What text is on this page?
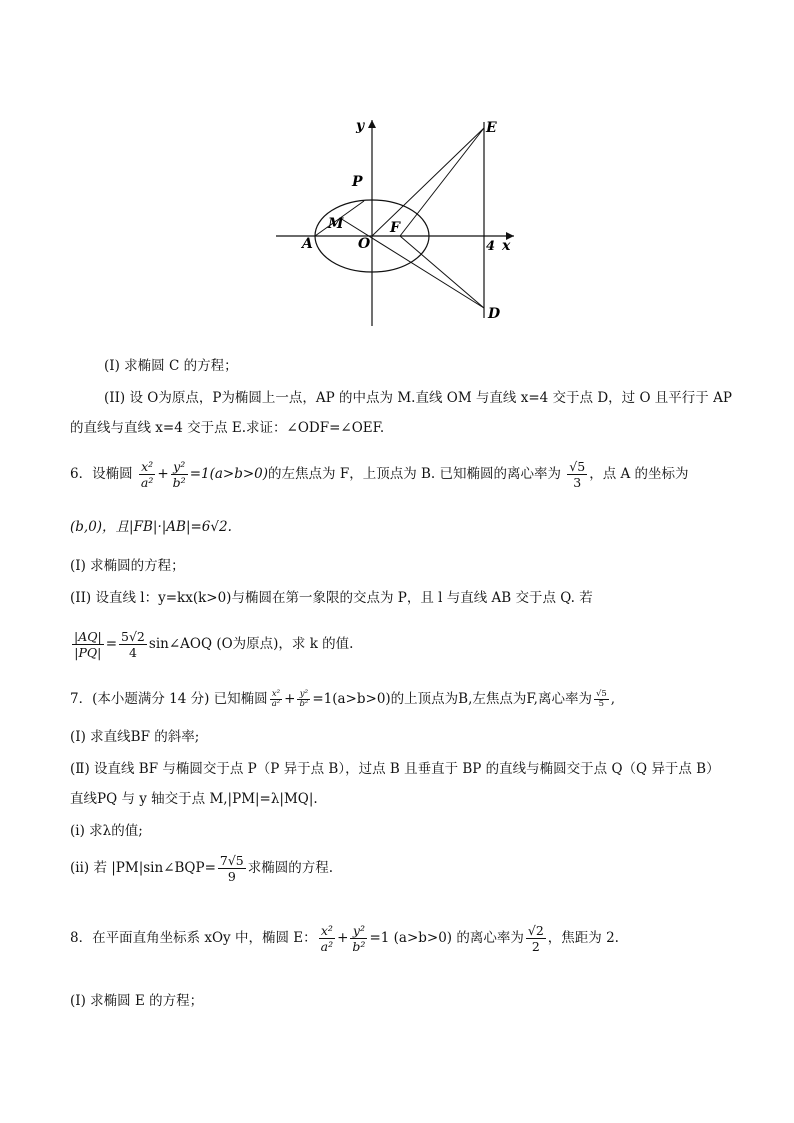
y
x
4
E
D
P
M
A	O
F
(I) 求椭圆 C 的方程；
(II) 设 O为原点，P为椭圆上一点，AP 的中点为 M.直线 OM 与直线 x=4 交于点 D，过 O 且平行于 AP
的直线与直线 x=4 交于点 E.求证：∠ODF=∠OEF.
6．设椭圆 $\frac{\text{x²}}{\text{a²}} + \frac{\text{y²}}{\text{b²}} =1(a>b>0)$的左焦点为 F，上顶点为 B. 已知椭圆的离心率为 $\frac{√5}{3}$ ，点 A 的坐标为
(b,0)，且|FB|·|AB|=6√2.
(I) 求椭圆的方程；
(II) 设直线 l：y=kx(k>0)与椭圆在第一象限的交点为 P，且 l 与直线 AB 交于点 Q. 若
$\frac{|AQ|}{|PQ|} = \frac{5√2}{4}$ sin∠AOQ (O为原点)，求 k 的值.
7．(本小题满分 14 分) 已知椭圆 $\frac{\text{x²}}{\text{a²}} + \frac{\text{y²}}{\text{b²}} =1(a>b>0)$的上顶点为B,左焦点为F,离心率为 $\frac{√5}{5}$ ,
(Ⅰ) 求直线BF 的斜率;
(Ⅱ) 设直线 BF 与椭圆交于点 P（P 异于点 B），过点 B 且垂直于 BP 的直线与椭圆交于点 Q（Q 异于点 B）
直线PQ 与 y 轴交于点 M,|PM|=λ|MQ|.
(ⅰ) 求λ的值;
(ⅱ) 若 |PM|sin∠BQP= $\frac{7√5}{9}$ 求椭圆的方程.
8．在平面直角坐标系 xOy 中，椭圆 E： $\frac{\text{x²}}{\text{a²}} + \frac{\text{y²}}{\text{b²}} =1$ (a>b>0) 的离心率为 $\frac{√2}{2}$ ，焦距为 2.
(Ⅰ) 求椭圆 E 的方程；
